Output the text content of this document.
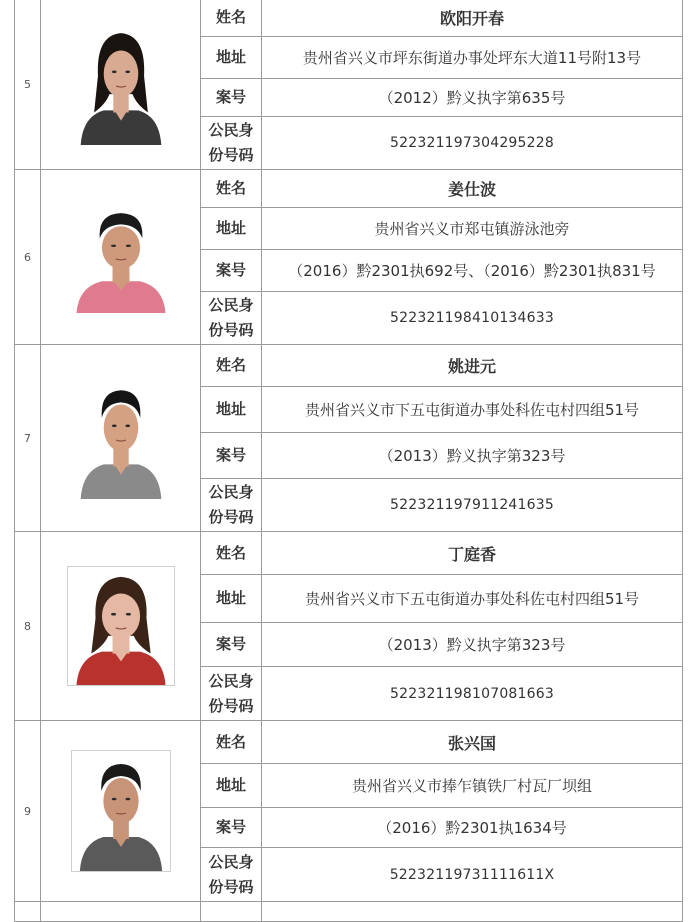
5		姓名	欧阳开春
		地址	贵州省兴义市坪东街道办事处坪东大道11号附13号
		案号	（2012）黔义执字第635号
		公民身
份号码	522321197304295228
6		姓名	姜仕波
		地址	贵州省兴义市郑屯镇游泳池旁
		案号	（2016）黔2301执692号、（2016）黔2301执831号
		公民身
份号码	522321198410134633
7		姓名	姚进元
		地址	贵州省兴义市下五屯街道办事处科佐屯村四组51号
		案号	（2013）黔义执字第323号
		公民身
份号码	522321197911241635
8		姓名	丁庭香
		地址	贵州省兴义市下五屯街道办事处科佐屯村四组51号
		案号	（2013）黔义执字第323号
		公民身
份号码	522321198107081663
9		姓名	张兴国
		地址	贵州省兴义市捧乍镇铁厂村瓦厂坝组
		案号	（2016）黔2301执1634号
		公民身
份号码	52232119731111611X
